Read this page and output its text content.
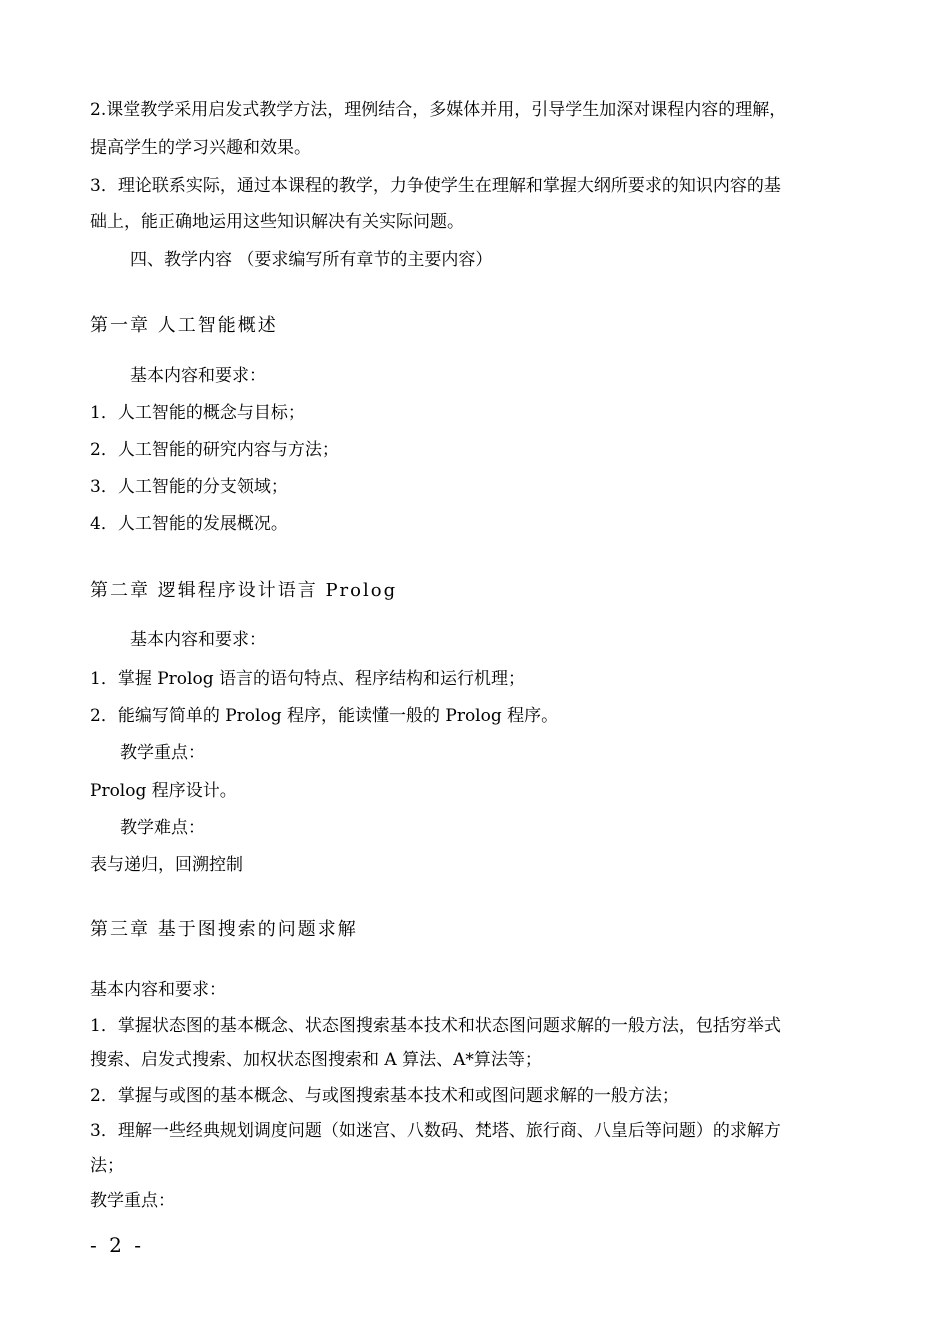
2.课堂教学采用启发式教学方法，理例结合，多媒体并用，引导学生加深对课程内容的理解，
提高学生的学习兴趣和效果。
3．理论联系实际，通过本课程的教学，力争使学生在理解和掌握大纲所要求的知识内容的基
础上，能正确地运用这些知识解决有关实际问题。
四、教学内容 （要求编写所有章节的主要内容）
第一章 人工智能概述
基本内容和要求：
1．人工智能的概念与目标；
2．人工智能的研究内容与方法；
3．人工智能的分支领域；
4．人工智能的发展概况。
第二章 逻辑程序设计语言 Prolog
基本内容和要求：
1．掌握 Prolog 语言的语句特点、程序结构和运行机理；
2．能编写简单的 Prolog 程序，能读懂一般的 Prolog 程序。
教学重点：
Prolog 程序设计。
教学难点：
表与递归，回溯控制
第三章 基于图搜索的问题求解
基本内容和要求：
1．掌握状态图的基本概念、状态图搜索基本技术和状态图问题求解的一般方法，包括穷举式
搜索、启发式搜索、加权状态图搜索和 A 算法、A*算法等；
2．掌握与或图的基本概念、与或图搜索基本技术和或图问题求解的一般方法；
3．理解一些经典规划调度问题（如迷宫、八数码、梵塔、旅行商、八皇后等问题）的求解方
法；
教学重点：
- 2 -
